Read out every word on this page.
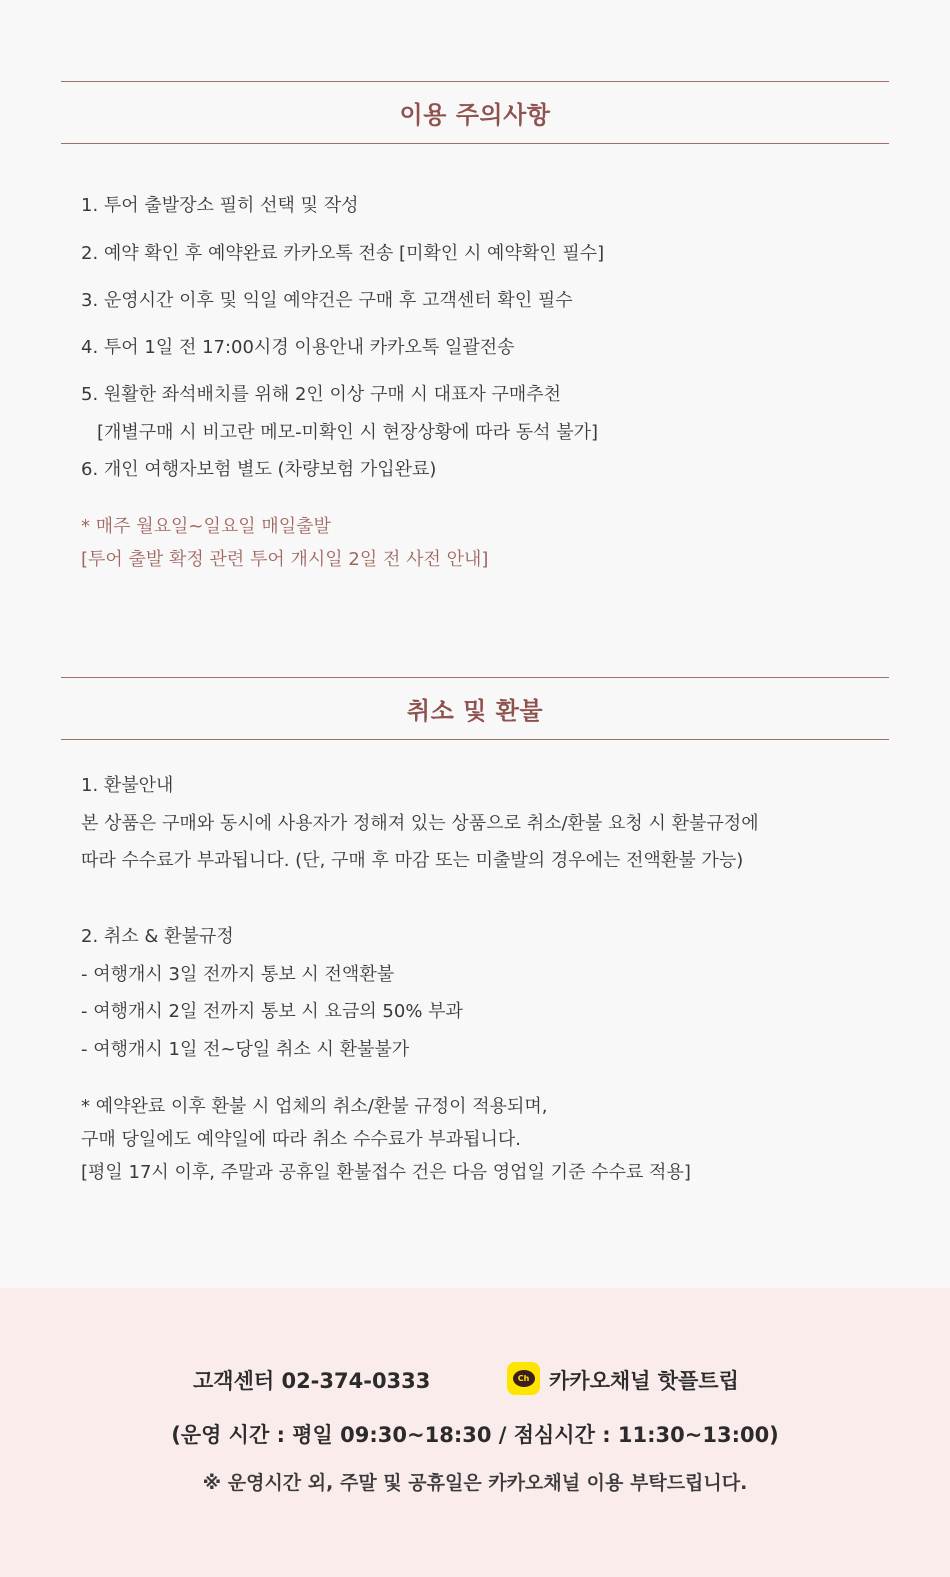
이용 주의사항
1. 투어 출발장소 필히 선택 및 작성
2. 예약 확인 후 예약완료 카카오톡 전송 [미확인 시 예약확인 필수]
3. 운영시간 이후 및 익일 예약건은 구매 후 고객센터 확인 필수
4. 투어 1일 전 17:00시경 이용안내 카카오톡 일괄전송
5. 원활한 좌석배치를 위해 2인 이상 구매 시 대표자 구매추천
[개별구매 시 비고란 메모-미확인 시 현장상황에 따라 동석 불가]
6. 개인 여행자보험 별도 (차량보험 가입완료)
* 매주 월요일~일요일 매일출발
[투어 출발 확정 관련 투어 개시일 2일 전 사전 안내]
취소 및 환불
1. 환불안내
본 상품은 구매와 동시에 사용자가 정해져 있는 상품으로 취소/환불 요청 시 환불규정에
따라 수수료가 부과됩니다. (단, 구매 후 마감 또는 미출발의 경우에는 전액환불 가능)
2. 취소 & 환불규정
- 여행개시 3일 전까지 통보 시 전액환불
- 여행개시 2일 전까지 통보 시 요금의 50% 부과
- 여행개시 1일 전~당일 취소 시 환불불가
* 예약완료 이후 환불 시 업체의 취소/환불 규정이 적용되며,
구매 당일에도 예약일에 따라 취소 수수료가 부과됩니다.
[평일 17시 이후, 주말과 공휴일 환불접수 건은 다음 영업일 기준 수수료 적용]
고객센터 02-374-0333	Ch 카카오채널 핫플트립
(운영 시간 : 평일 09:30~18:30 / 점심시간 : 11:30~13:00)
※ 운영시간 외, 주말 및 공휴일은 카카오채널 이용 부탁드립니다.
